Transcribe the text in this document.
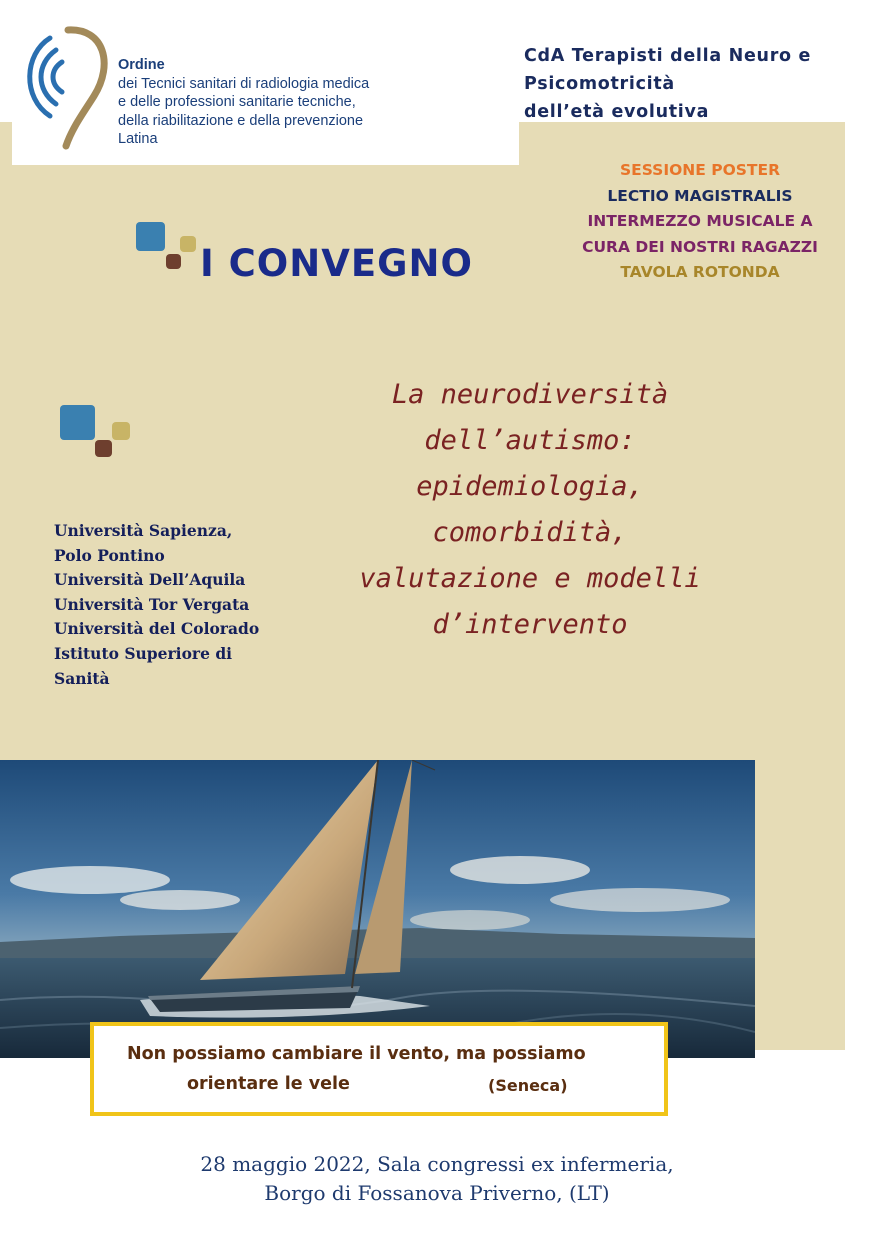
Ordine
dei Tecnici sanitari di radiologia medica
e delle professioni sanitarie tecniche,
della riabilitazione e della prevenzione
Latina
CdA Terapisti della Neuro e
Psicomotricità
dell’età evolutiva
SESSIONE POSTER
LECTIO MAGISTRALIS
INTERMEZZO MUSICALE A
CURA DEI NOSTRI RAGAZZI
TAVOLA ROTONDA
I CONVEGNO
La neurodiversità
dell’autismo:
epidemiologia,
comorbidità,
valutazione e modelli
d’intervento
Università Sapienza,
Polo Pontino
Università Dell’Aquila
Università Tor Vergata
Università del Colorado
Istituto Superiore di
Sanità
Non possiamo cambiare il vento, ma possiamo
orientare le vele	(Seneca)
28 maggio 2022, Sala congressi ex infermeria,
Borgo di Fossanova Priverno, (LT)
